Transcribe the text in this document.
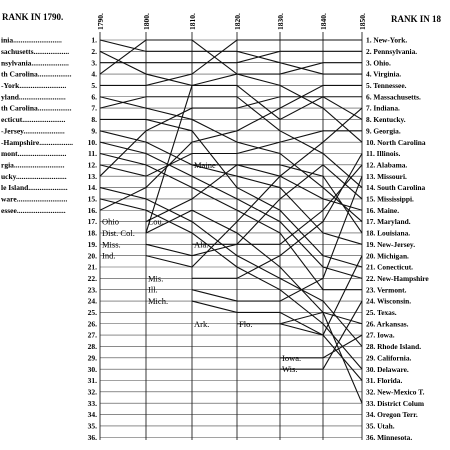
RANK IN 1790.	RANK IN 18
1.
2.
3.
4.
5.
6.
7.
8.
9.
10.
11.
12.
13.
14.
15.
16.
17.
18.
19.
20.
21.
22.
23.
24.
25.
26.
27.
28.
29.
30.
31.
32.
33.
34.
35.
36.
1790.	1800.	1810.	1820.	1830.	1840.	1850.
inia..........................
sachusetts...................
nsylvania....................
th Carolina..................
-York.........................
yland.........................
th Carolina..................
ecticut.......................
-Jersey......................
-Hampshire..................
mont..........................
rgia...........................
ucky...........................
le Island.....................
ware...........................
essee..........................
1. New-York.
2. Pennsylvania.
3. Ohio.
4. Virginia.
5. Tennessee.
6. Massachusetts.
7. Indiana.
8. Kentucky.
9. Georgia.
10. North Carolina
11. Illinois.
12. Alabama.
13. Missouri.
14. South Carolina
15. Mississippi.
16. Maine.
17. Maryland.
18. Louisiana.
19. New-Jersey.
20. Michigan.
21. Conecticut.
22. New-Hampshire
23. Vermont.
24. Wisconsin.
25. Texas.
26. Arkansas.
27. Iowa.
28. Rhode Island.
29. California.
30. Delaware.
31. Florida.
32. New-Mexico T.
33. District Colum
34. Oregon Terr.
35. Utah.
36. Minnesota.
Ohio
Dist. Col.
Miss.
Ind.
Lou.
Mich.
Ill.
Mis.
Maine
Ala.
Ark.	Flo.
Iowa.
Wis.
